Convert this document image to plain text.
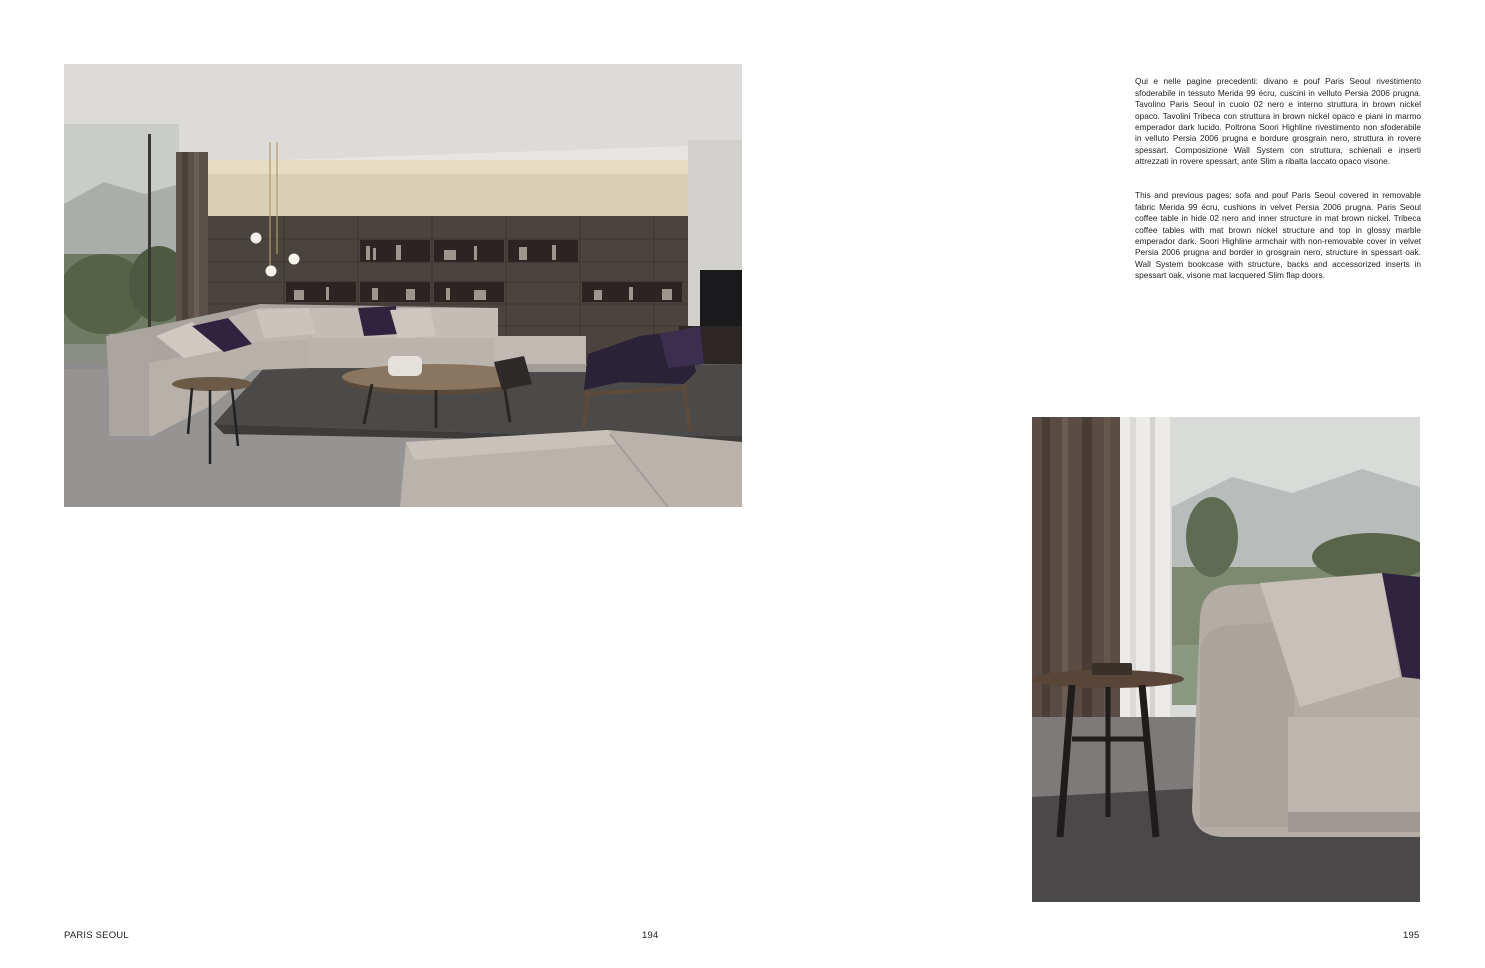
Qui e nelle pagine precedenti: divano e pouf Paris Seoul rivestimento sfoderabile in tessuto Merida 99 écru, cuscini in velluto Persia 2006 prugna. Tavolino Paris Seoul in cuoio 02 nero e interno struttura in brown nickel opaco. Tavolini Tribeca con struttura in brown nickel opaco e piani in marmo emperador dark lucido. Poltrona Soori Highline rivestimento non sfoderabile in velluto Persia 2006 prugna e bordure grosgrain nero, struttura in rovere spessart. Composizione Wall System con struttura, schienali e inserti attrezzati in rovere spessart, ante Slim a ribalta laccato opaco visone.

This and previous pages: sofa and pouf Paris Seoul covered in removable fabric Merida 99 écru, cushions in velvet Persia 2006 prugna. Paris Seoul coffee table in hide 02 nero and inner structure in mat brown nickel. Tribeca coffee tables with mat brown nickel structure and top in glossy marble emperador dark. Soori Highline armchair with non-removable cover in velvet Persia 2006 prugna and border in grosgrain nero, structure in spessart oak. Wall System bookcase with structure, backs and accessorized inserts in spessart oak, visone mat lacquered Slim flap doors.

PARIS SEOUL	194	195
